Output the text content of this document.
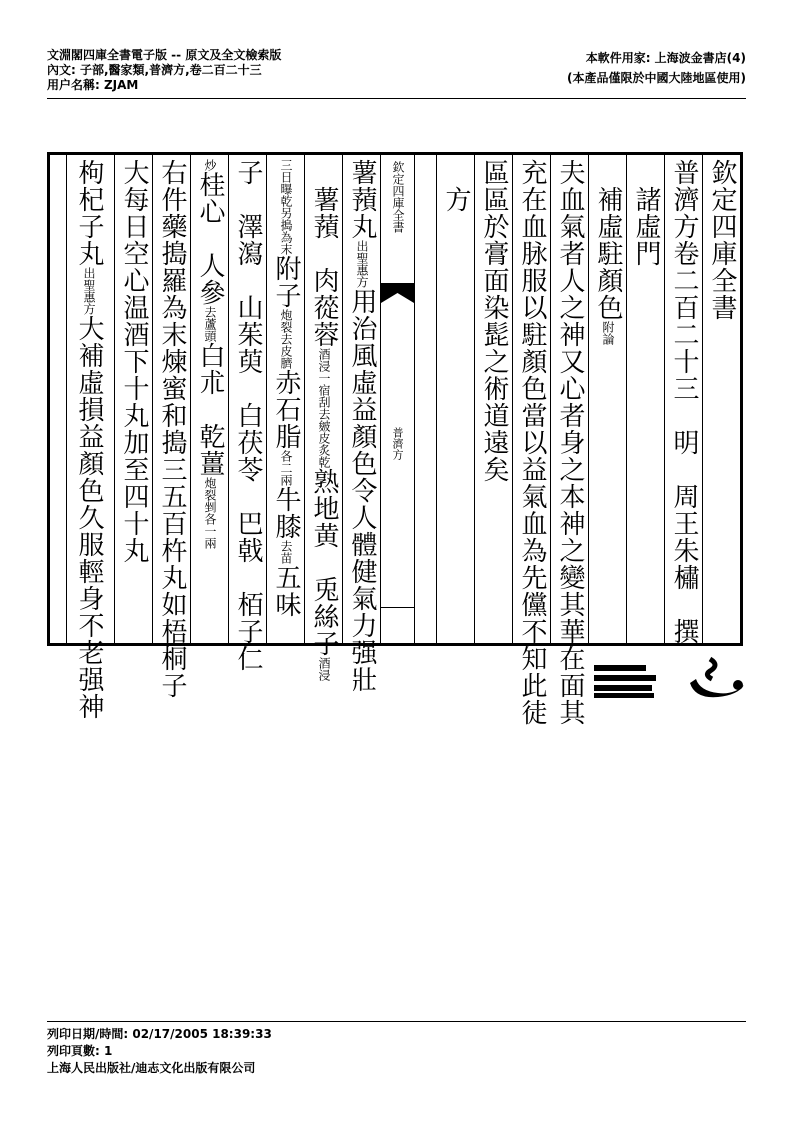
文淵閣四庫全書電子版 -- 原文及全文檢索版
內文: 子部,醫家類,普濟方,卷二百二十三
用户名稱: ZJAM
本軟件用家: 上海波金書店(4)
(本產品僅限於中國大陸地區使用)
欽定四庫全書
普濟方卷二百二十三　明　周王朱橚　撰
　諸虛門
　補虛駐顏色附論
夫血氣者人之神又心者身之本神之變其華在面其
充在血脉服以駐顏色當以益氣血為先儻不知此徒
區區於膏面染髭之術道遠矣
　方
欽定四庫全書
普濟方
薯蕷丸出聖惠方用治風虛益顏色令人體健氣力强壯
　薯蕷　肉蓯蓉酒浸一宿刮去皴皮炙乾熟地黄　兎絲子酒浸
三日曝乾另搗為末附子炮裂去皮臍赤石脂各二兩牛膝去苗五味
子　澤瀉　山茱萸　白茯苓　巴戟　栢子仁
炒桂心　人參去蘆頭白朮　乾薑炮裂剉各一兩
右件藥搗羅為末煉蜜和搗三五百杵丸如梧桐子
大每日空心温酒下十丸加至四十丸
枸杞子丸出聖惠方大補虛損益顏色久服輕身不老强神
列印日期/時間: 02/17/2005 18:39:33
列印頁數: 1
上海人民出版社/迪志文化出版有限公司
